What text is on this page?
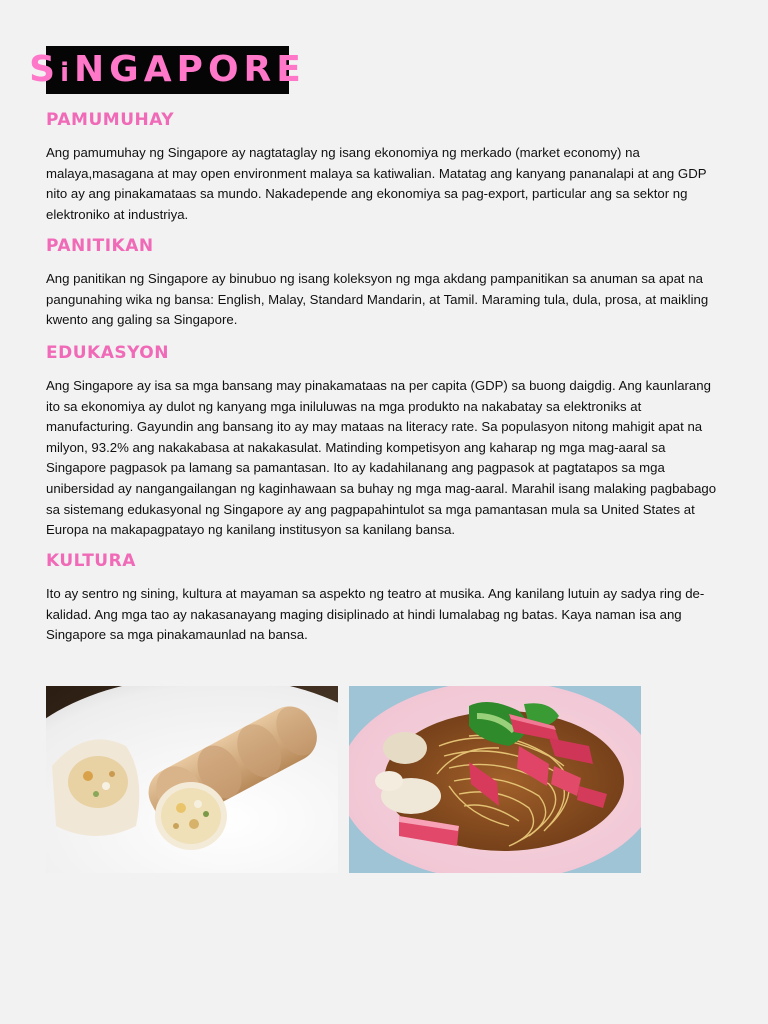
SiNGAPORE
PAMUMUHAY

Ang pamumuhay ng Singapore ay nagtataglay ng isang ekonomiya ng merkado (market economy) na malaya,masagana at may open environment malaya sa katiwalian. Matatag ang kanyang pananalapi at ang GDP nito ay ang pinakamataas sa mundo. Nakadepende ang ekonomiya sa pag-export, particular ang sa sektor ng elektroniko at industriya.

PANITIKAN

Ang panitikan ng Singapore ay binubuo ng isang koleksyon ng mga akdang pampanitikan sa anuman sa apat na pangunahing wika ng bansa: English, Malay, Standard Mandarin, at Tamil. Maraming tula, dula, prosa, at maikling kwento ang galing sa Singapore.

EDUKASYON

Ang Singapore ay isa sa mga bansang may pinakamataas na per capita (GDP) sa buong daigdig. Ang kaunlarang ito sa ekonomiya ay dulot ng kanyang mga iniluluwas na mga produkto na nakabatay sa elektroniks at manufacturing. Gayundin ang bansang ito ay may mataas na literacy rate. Sa populasyon nitong mahigit apat na milyon, 93.2% ang nakakabasa at nakakasulat. Matinding kompetisyon ang kaharap ng mga mag-aaral sa Singapore pagpasok pa lamang sa pamantasan. Ito ay kadahilanang ang pagpasok at pagtatapos sa mga unibersidad ay nangangailangan ng kaginhawaan sa buhay ng mga mag-aaral. Marahil isang malaking pagbabago sa sistemang edukasyonal ng Singapore ay ang pagpapahintulot sa mga pamantasan mula sa United States at Europa na makapagpatayo ng kanilang institusyon sa kanilang bansa.

KULTURA

Ito ay sentro ng sining, kultura at mayaman sa aspekto ng teatro at musika. Ang kanilang lutuin ay sadya ring de-kalidad. Ang mga tao ay nakasanayang maging disiplinado at hindi lumalabag ng batas. Kaya naman isa ang Singapore sa mga pinakamaunlad na bansa.
